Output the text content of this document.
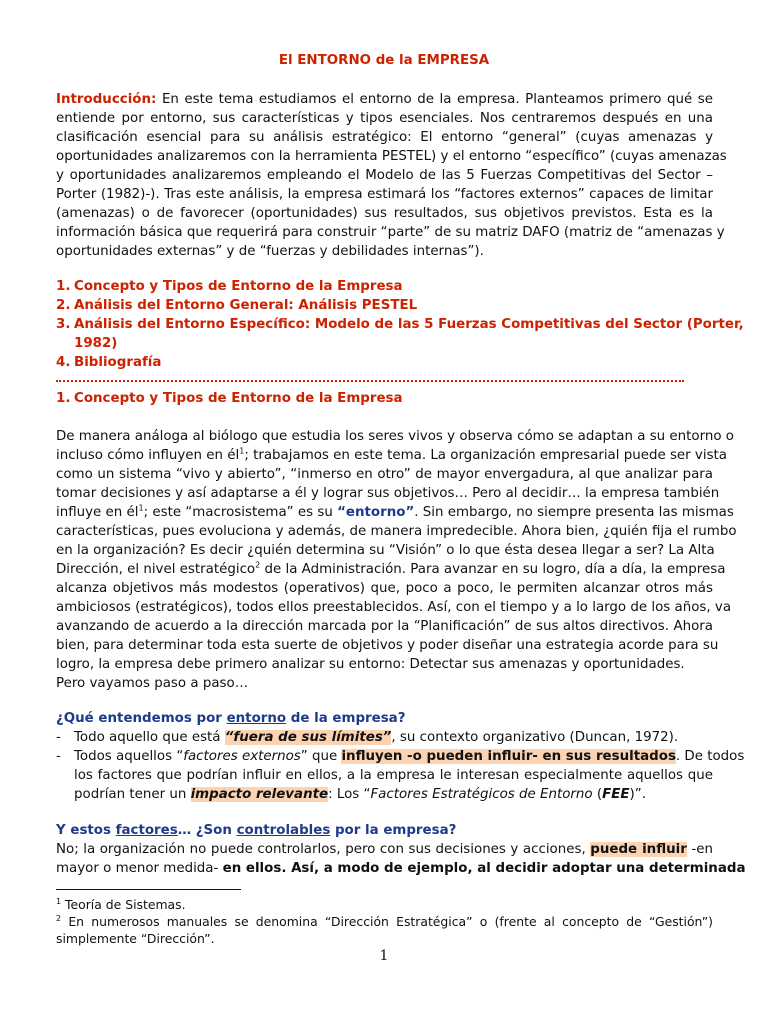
El ENTORNO de la EMPRESA
Introducción: En este tema estudiamos el entorno de la empresa. Planteamos primero qué se
entiende por entorno, sus características y tipos esenciales. Nos centraremos después en una
clasificación esencial para su análisis estratégico: El entorno “general” (cuyas amenazas y
oportunidades analizaremos con la herramienta PESTEL) y el entorno “específico” (cuyas amenazas
y oportunidades analizaremos empleando el Modelo de las 5 Fuerzas Competitivas del Sector –
Porter (1982)-). Tras este análisis, la empresa estimará los “factores externos” capaces de limitar
(amenazas) o de favorecer (oportunidades) sus resultados, sus objetivos previstos. Esta es la
información básica que requerirá para construir “parte” de su matriz DAFO (matriz de “amenazas y
oportunidades externas” y de “fuerzas y debilidades internas”).
1. Concepto y Tipos de Entorno de la Empresa
2. Análisis del Entorno General: Análisis PESTEL
3. Análisis del Entorno Específico: Modelo de las 5 Fuerzas Competitivas del Sector (Porter,
1982)
4. Bibliografía
1. Concepto y Tipos de Entorno de la Empresa
De manera análoga al biólogo que estudia los seres vivos y observa cómo se adaptan a su entorno o
incluso cómo influyen en $él^1$; trabajamos en este tema. La organización empresarial puede ser vista
como un sistema “vivo y abierto”, “inmerso en otro” de mayor envergadura, al que analizar para
tomar decisiones y así adaptarse a él y lograr sus objetivos… Pero al decidir… la empresa también
influye en $él^1$; este “macrosistema” es su “entorno”. Sin embargo, no siempre presenta las mismas
características, pues evoluciona y además, de manera impredecible. Ahora bien, ¿quién fija el rumbo
en la organización? Es decir ¿quién determina su “Visión” o lo que ésta desea llegar a ser? La Alta
Dirección, el nivel estratégico$^2$ de la Administración. Para avanzar en su logro, día a día, la empresa
alcanza objetivos más modestos (operativos) que, poco a poco, le permiten alcanzar otros más
ambiciosos (estratégicos), todos ellos preestablecidos. Así, con el tiempo y a lo largo de los años, va
avanzando de acuerdo a la dirección marcada por la “Planificación” de sus altos directivos. Ahora
bien, para determinar toda esta suerte de objetivos y poder diseñar una estrategia acorde para su
logro, la empresa debe primero analizar su entorno: Detectar sus amenazas y oportunidades.
Pero vayamos paso a paso…
¿Qué entendemos por entorno de la empresa?
- Todo aquello que está “fuera de sus límites”, su contexto organizativo (Duncan, 1972).
- Todos aquellos “factores externos” que influyen -o pueden influir- en sus resultados. De todos
los factores que podrían influir en ellos, a la empresa le interesan especialmente aquellos que
podrían tener un impacto relevante: Los “Factores Estratégicos de Entorno (FEE)”.
Y estos factores… ¿Son controlables por la empresa?
No; la organización no puede controlarlos, pero con sus decisiones y acciones, puede influir -en
mayor o menor medida- en ellos. Así, a modo de ejemplo, al decidir adoptar una determinada
$^1$ Teoría de Sistemas.
$^2$ En numerosos manuales se denomina “Dirección Estratégica” o (frente al concepto de “Gestión”)
simplemente “Dirección”.
1
